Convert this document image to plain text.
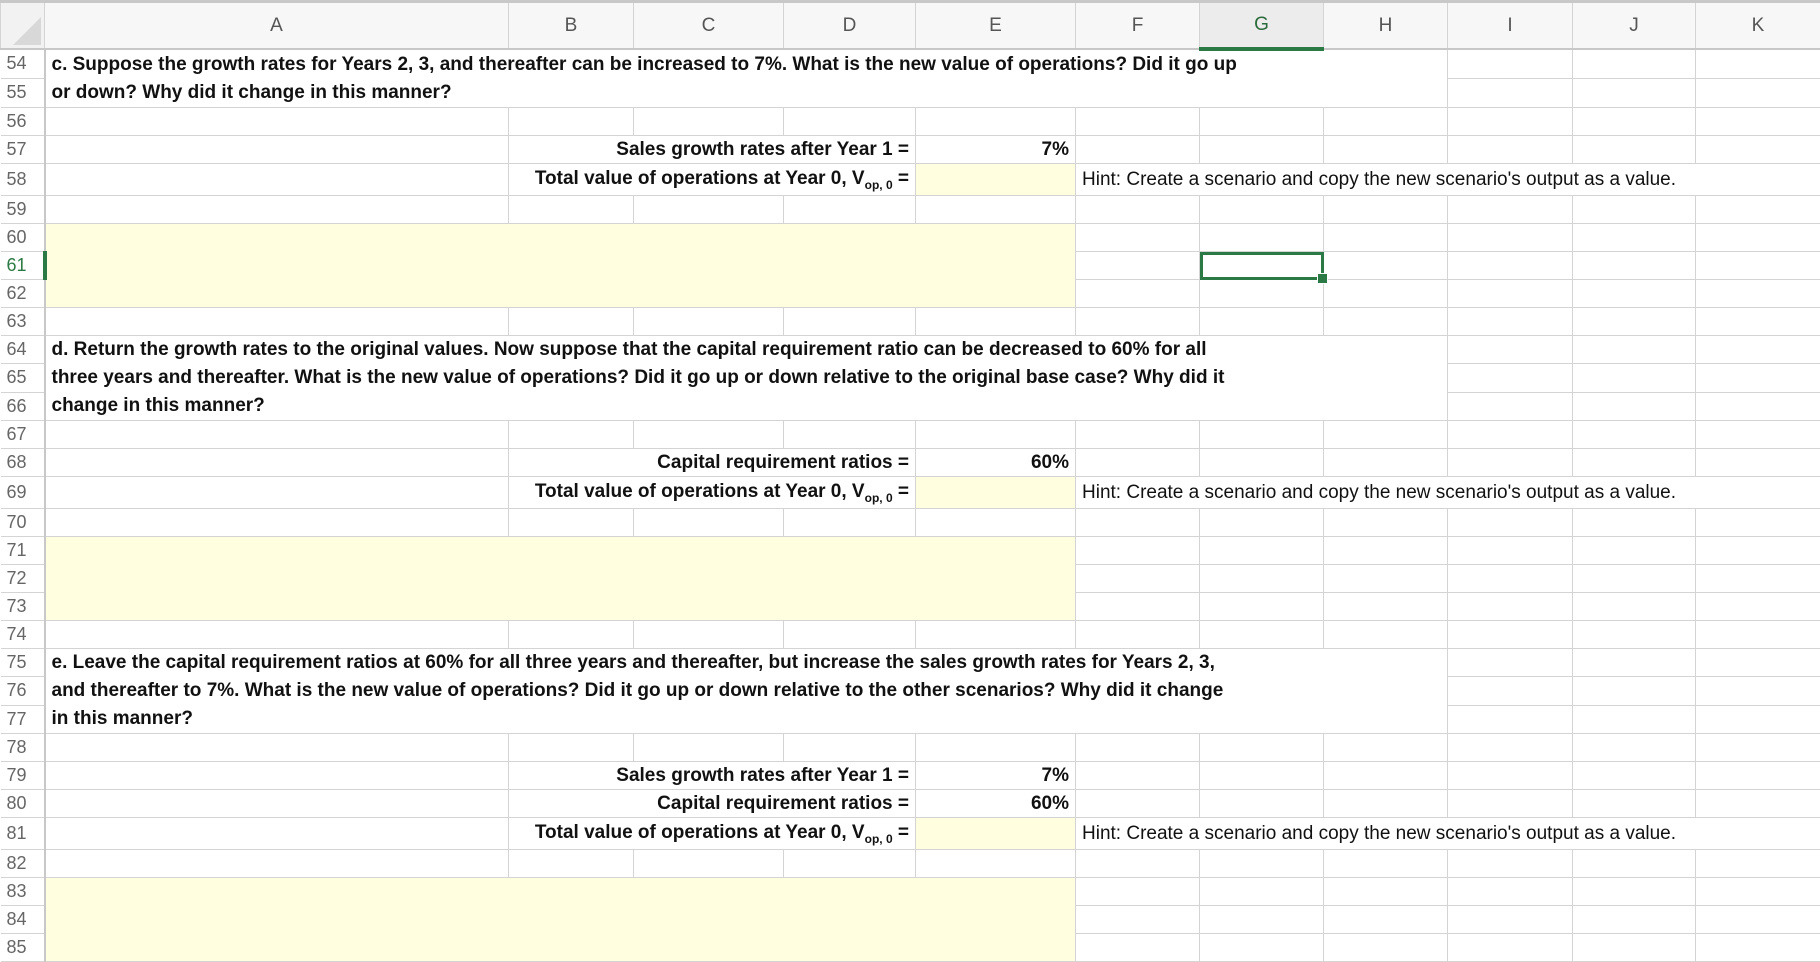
	A	B	C	D	E	F	G	H	I	J	K
54	c. Suppose the growth rates for Years 2, 3, and thereafter can be increased to 7%. What is the new value of operations? Did it go up
or down? Why did it change in this manner?										

55											
56											
57		Sales growth rates after Year 1 =			7%						
58		Total value of operations at Year 0, $V_{op, 0}$ =				Hint: Create a scenario and copy the new scenario's output as a value.					
59											
60											
61							

62											
63											
64	d. Return the growth rates to the original values. Now suppose that the capital requirement ratio can be decreased to 60% for all
three years and thereafter. What is the new value of operations? Did it go up or down relative to the original base case? Why did it
change in this manner?										

65											
66											
67											
68		Capital requirement ratios =			60%						
69		Total value of operations at Year 0, $V_{op, 0}$ =				Hint: Create a scenario and copy the new scenario's output as a value.					
70											
71											
72											
73											
74											
75	e. Leave the capital requirement ratios at 60% for all three years and thereafter, but increase the sales growth rates for Years 2, 3,
and thereafter to 7%. What is the new value of operations? Did it go up or down relative to the other scenarios? Why did it change
in this manner?										

76											
77											
78											
79		Sales growth rates after Year 1 =			7%						
80		Capital requirement ratios =			60%						
81		Total value of operations at Year 0, $V_{op, 0}$ =				Hint: Create a scenario and copy the new scenario's output as a value.					
82											
83											
84											
85											
